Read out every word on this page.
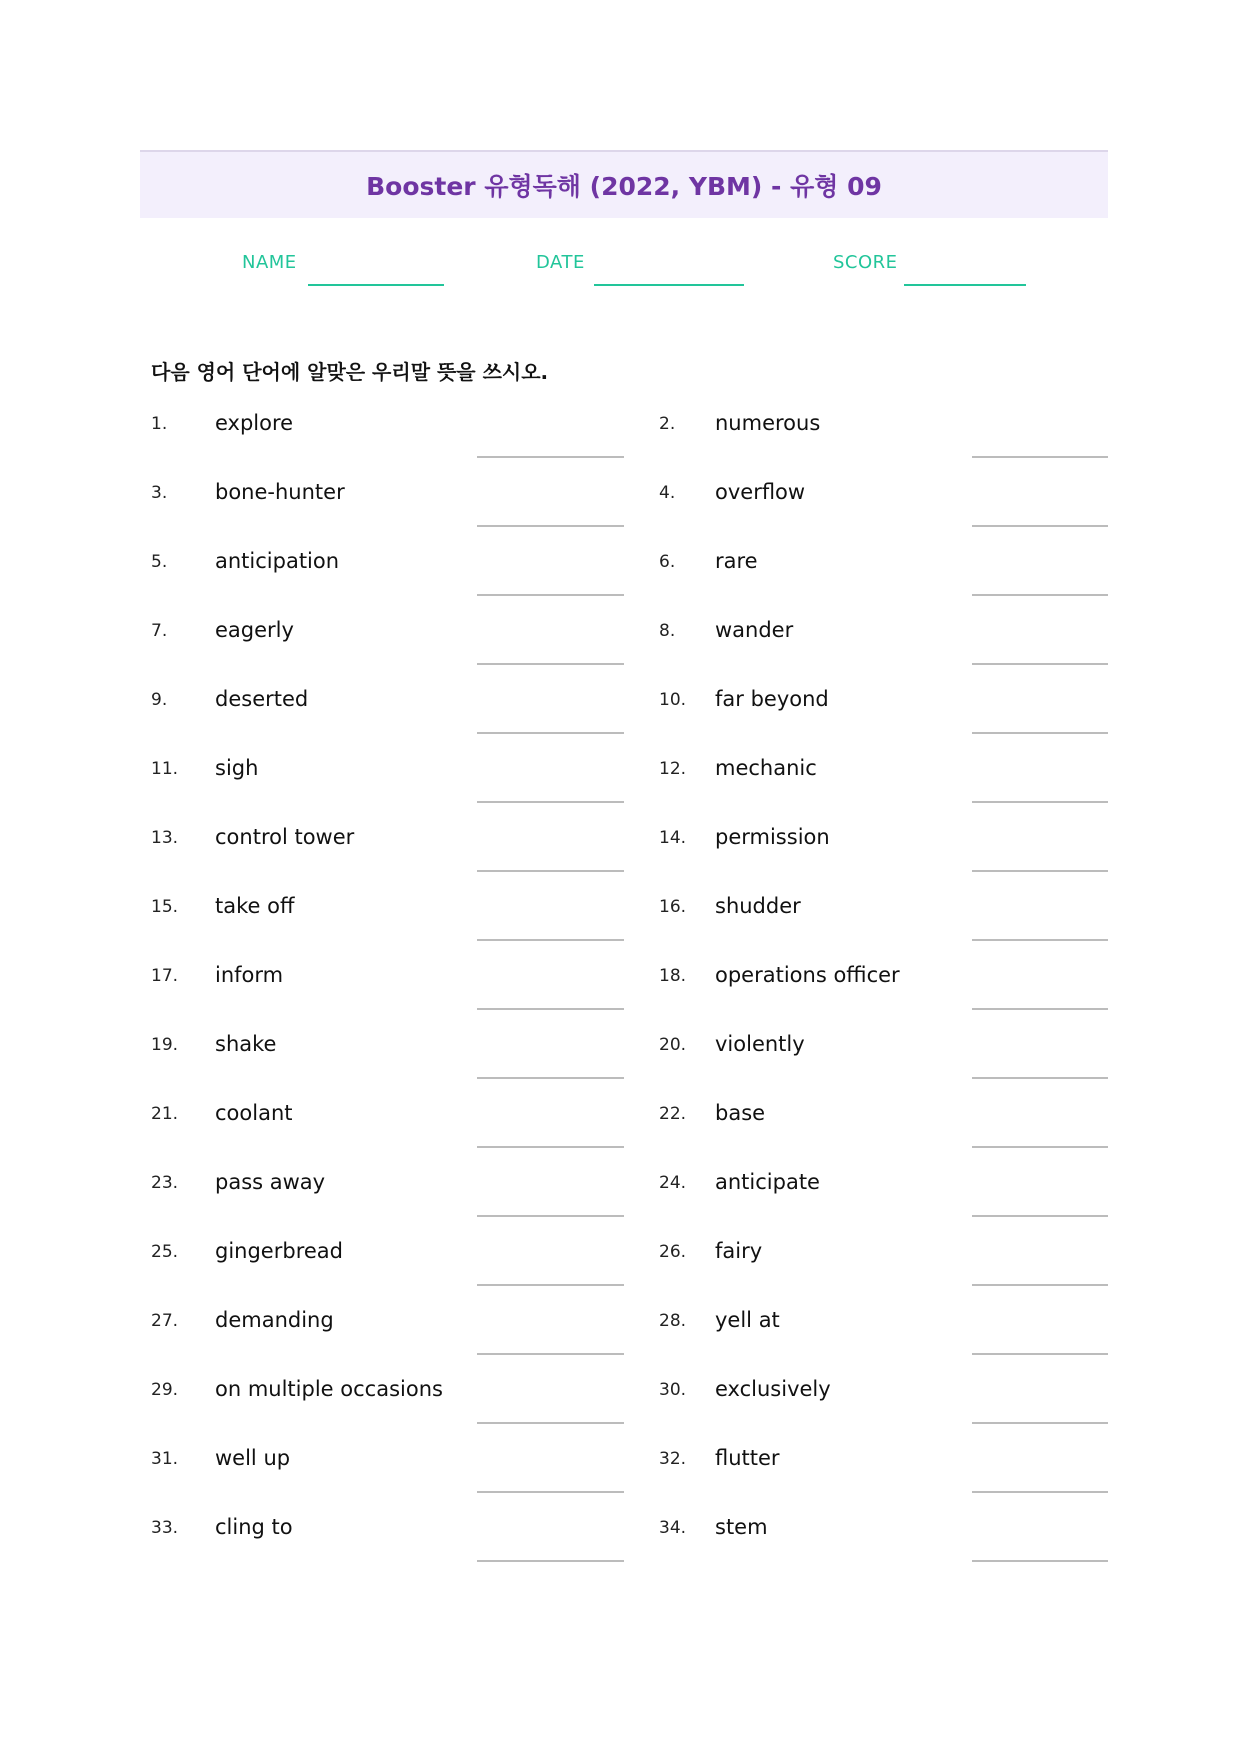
Booster 유형독해 (2022, YBM) - 유형 09
NAME	DATE	SCORE
다음 영어 단어에 알맞은 우리말 뜻을 쓰시오.
1. explore	2. numerous
3. bone-hunter	4. overflow
5. anticipation	6. rare
7. eagerly	8. wander
9. deserted	10. far beyond
11. sigh	12. mechanic
13. control tower	14. permission
15. take off	16. shudder
17. inform	18. operations officer
19. shake	20. violently
21. coolant	22. base
23. pass away	24. anticipate
25. gingerbread	26. fairy
27. demanding	28. yell at
29. on multiple occasions	30. exclusively
31. well up	32. flutter
33. cling to	34. stem
